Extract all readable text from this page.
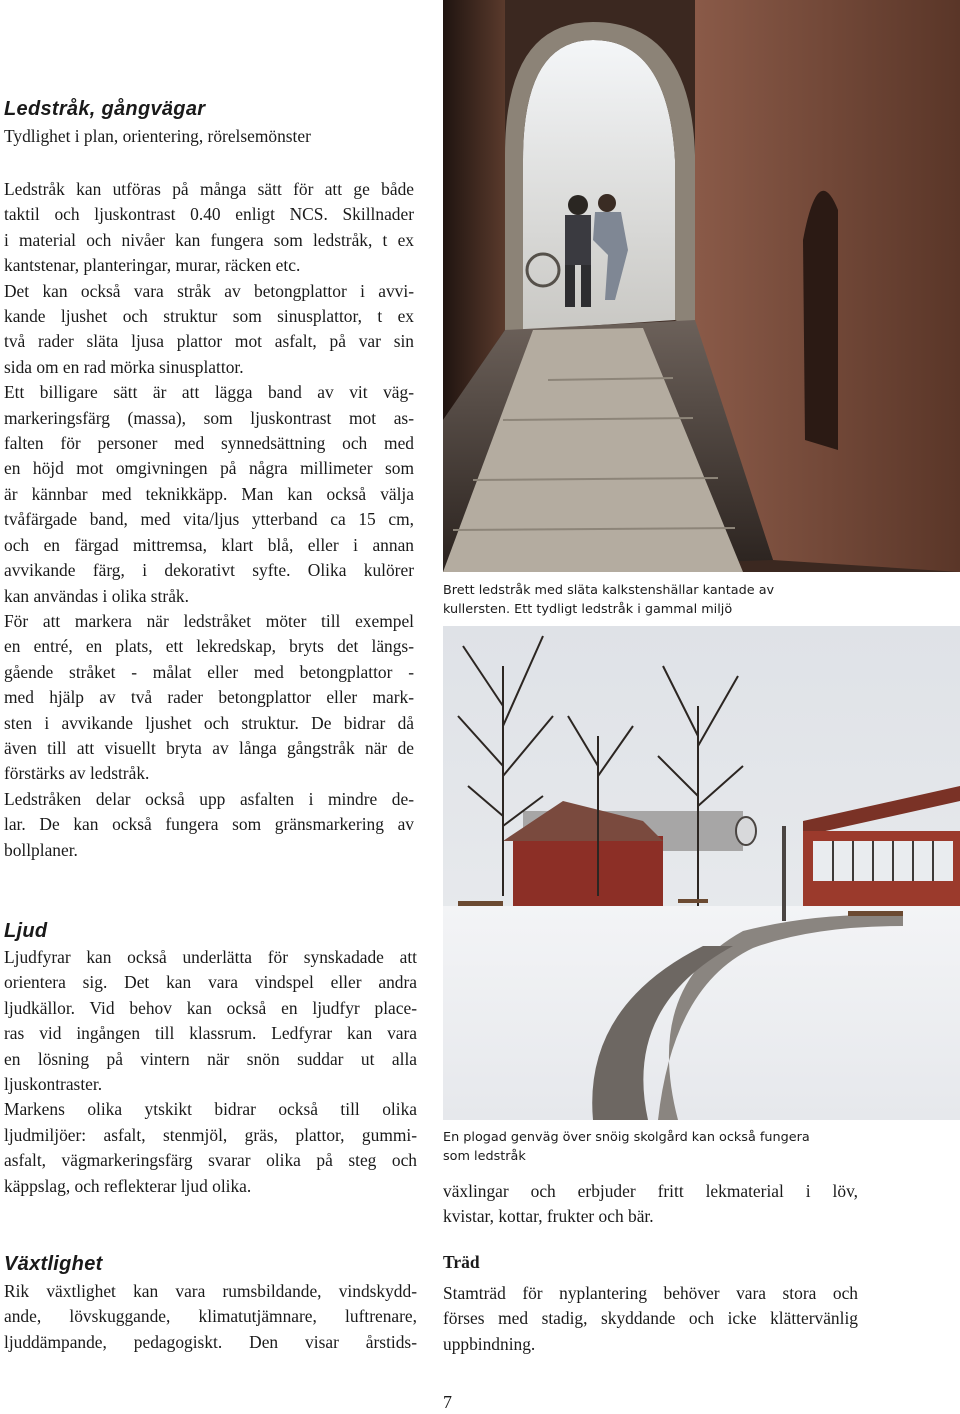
Ledstråk, gångvägar

Tydlighet i plan, orientering, rörelsemönster

Ledstråk kan utföras på många sätt för att ge både
taktil och ljuskontrast 0.40 enligt NCS. Skillnader
i material och nivåer kan fungera som ledstråk, t ex
kantstenar, planteringar, murar, räcken etc.
Det kan också vara stråk av betongplattor i avvi-
kande ljushet och struktur som sinusplattor, t ex
två rader släta ljusa plattor mot asfalt, på var sin
sida om en rad mörka sinusplattor.
Ett billigare sätt är att lägga band av vit väg-
markeringsfärg (massa), som ljuskontrast mot as-
falten för personer med synnedsättning och med
en höjd mot omgivningen på några millimeter som
är kännbar med teknikkäpp. Man kan också välja
tvåfärgade band, med vita/ljus ytterband ca 15 cm,
och en färgad mittremsa, klart blå, eller i annan
avvikande färg, i dekorativt syfte. Olika kulörer
kan användas i olika stråk.
För att markera när ledstråket möter till exempel
en entré, en plats, ett lekredskap, bryts det längs-
gående stråket - målat eller med betongplattor -
med hjälp av två rader betongplattor eller mark-
sten i avvikande ljushet och struktur. De bidrar då
även till att visuellt bryta av långa gångstråk när de
förstärks av ledstråk.
Ledstråken delar också upp asfalten i mindre de-
lar. De kan också fungera som gränsmarkering av
bollplaner.
Ljud
Ljudfyrar kan också underlätta för synskadade att
orientera sig. Det kan vara vindspel eller andra
ljudkällor. Vid behov kan också en ljudfyr placе-
ras vid ingången till klassrum. Ledfyrar kan vara
en lösning på vintern när snön suddar ut alla
ljuskontraster.
Markens olika ytskikt bidrar också till olika
ljudmiljöer: asfalt, stenmjöl, gräs, plattor, gummi-
asfalt, vägmarkeringsfärg svarar olika på steg och
käppslag, och reflekterar ljud olika.
Växtlighet
Rik växtlighet kan vara rumsbildande, vindskydd-
ande, lövskuggande, klimatutjämnare, luftrenare,
ljuddämpande, pedagogiskt. Den visar årstids-
Brett ledstråk med släta kalkstenshällar kantade av
kullersten. Ett tydligt ledstråk i gammal miljö
En plogad genväg över snöig skolgård kan också fungera
som ledstråk
växlingar och erbjuder fritt lekmaterial i löv,
kvistar, kottar, frukter och bär.
Träd
Stamträd för nyplantering behöver vara stora och
förses med stadig, skyddande och icke klättervänlig
uppbindning.
7
